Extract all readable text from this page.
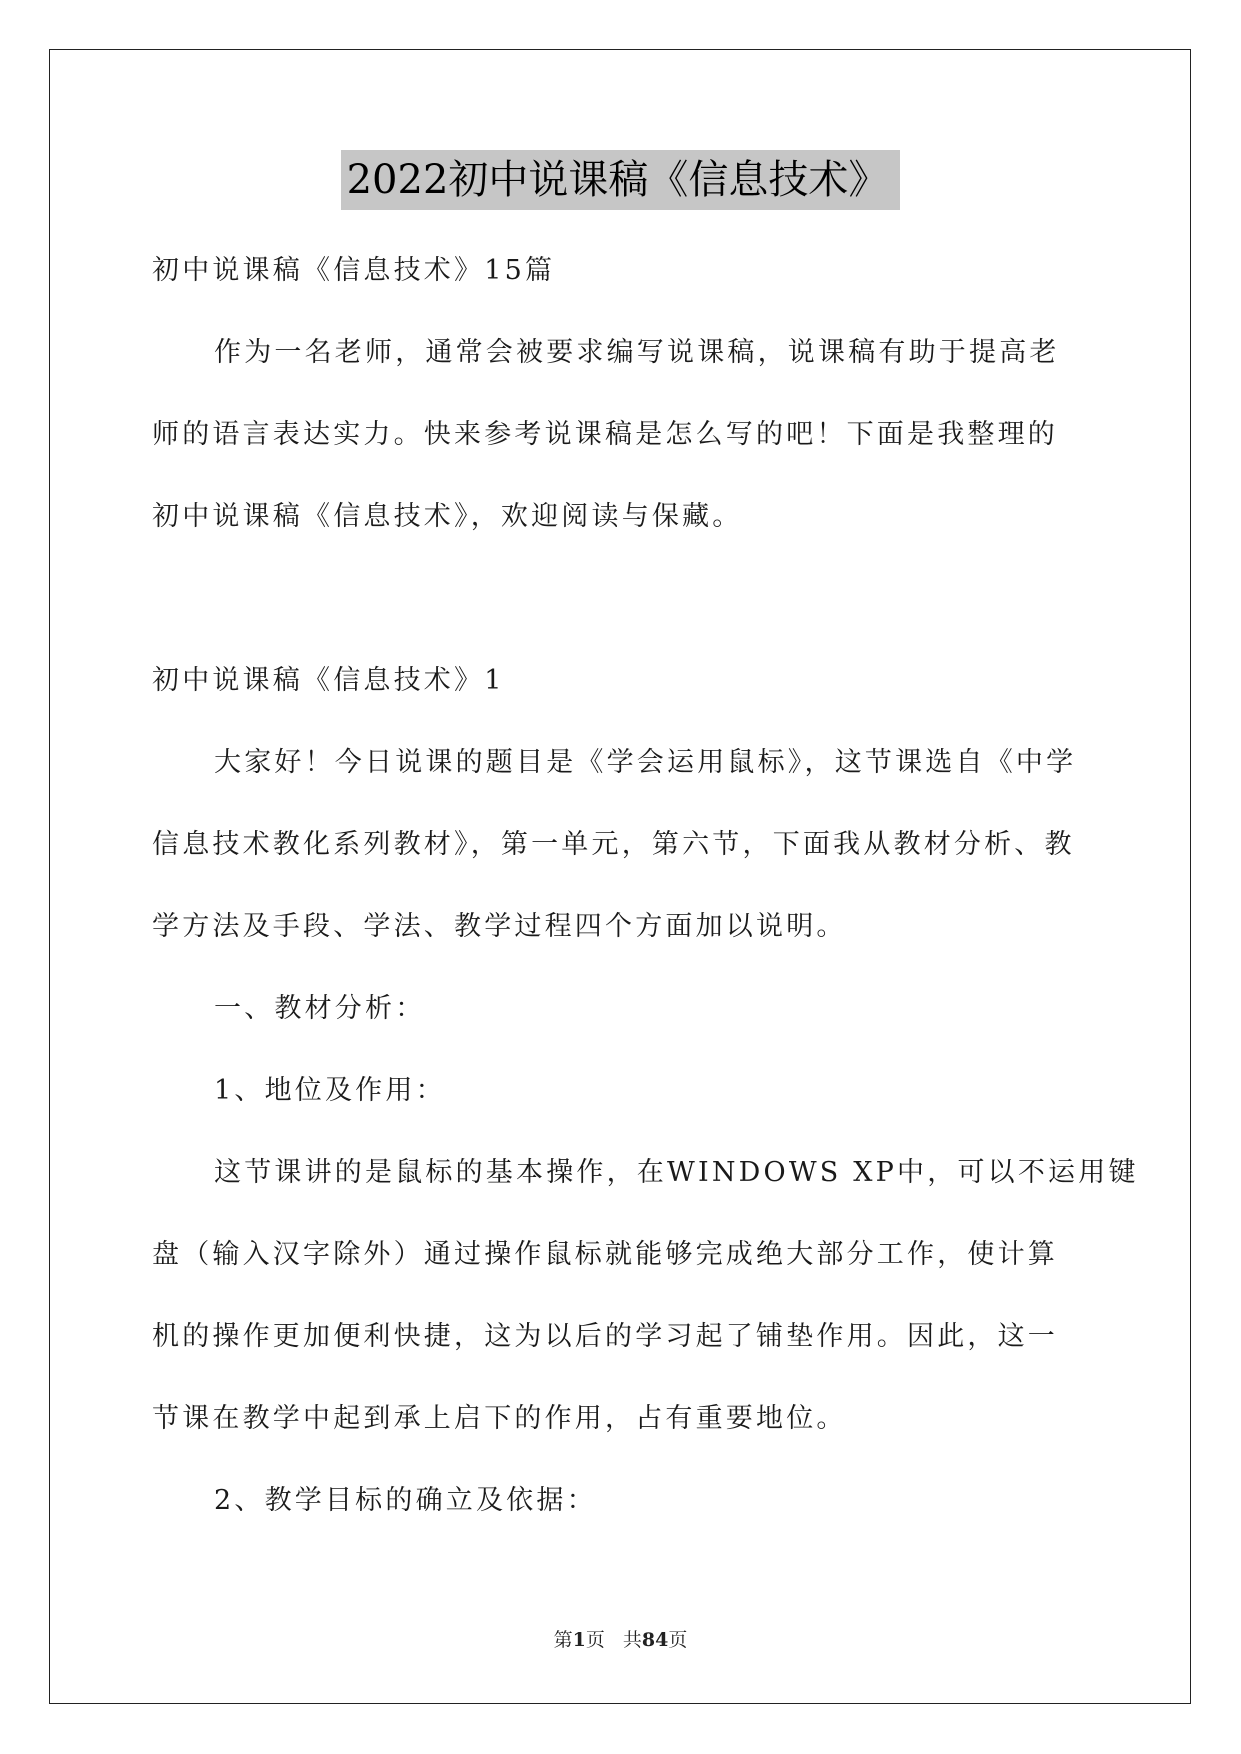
2022初中说课稿《信息技术》
初中说课稿《信息技术》15篇
作为一名老师，通常会被要求编写说课稿，说课稿有助于提高老
师的语言表达实力。快来参考说课稿是怎么写的吧！下面是我整理的
初中说课稿《信息技术》，欢迎阅读与保藏。
初中说课稿《信息技术》1
大家好！今日说课的题目是《学会运用鼠标》，这节课选自《中学
信息技术教化系列教材》，第一单元，第六节，下面我从教材分析、教
学方法及手段、学法、教学过程四个方面加以说明。
一、教材分析：
1、地位及作用：
这节课讲的是鼠标的基本操作，在WINDOWS XP中，可以不运用键
盘（输入汉字除外）通过操作鼠标就能够完成绝大部分工作，使计算
机的操作更加便利快捷，这为以后的学习起了铺垫作用。因此，这一
节课在教学中起到承上启下的作用，占有重要地位。
2、教学目标的确立及依据：
第1页 共84页
